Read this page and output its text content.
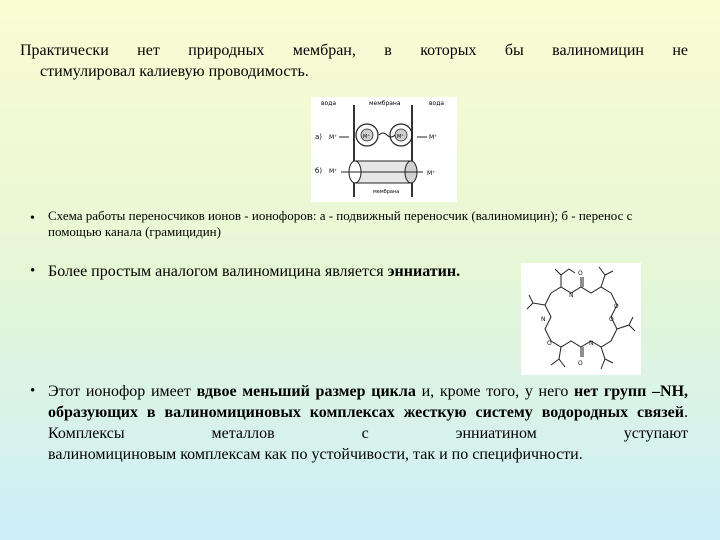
Практически нет природных мембран, в которых бы валиномицин не
стимулировал калиевую проводимость.
вода	мембрана	вода
a) M⁺	M⁺	M⁺	M⁺
б) M⁺	M⁺
мембрана
• Схема работы переносчиков ионов - ионофоров: а - подвижный переносчик (валиномицин); б - перенос с помощью канала (грамицидин)
• Более простым аналогом валиномицина является энниатин.	O
O
N
N
O
N	O
O
• Этот ионофор имеет вдвое меньший размер цикла и, кроме того, у него нет групп –NH, образующих в валиномициновых комплексах жесткую систему водородных связей. Комплексы металлов с энниатином уступают
валиномициновым комплексам как по устойчивости, так и по специфичности.
